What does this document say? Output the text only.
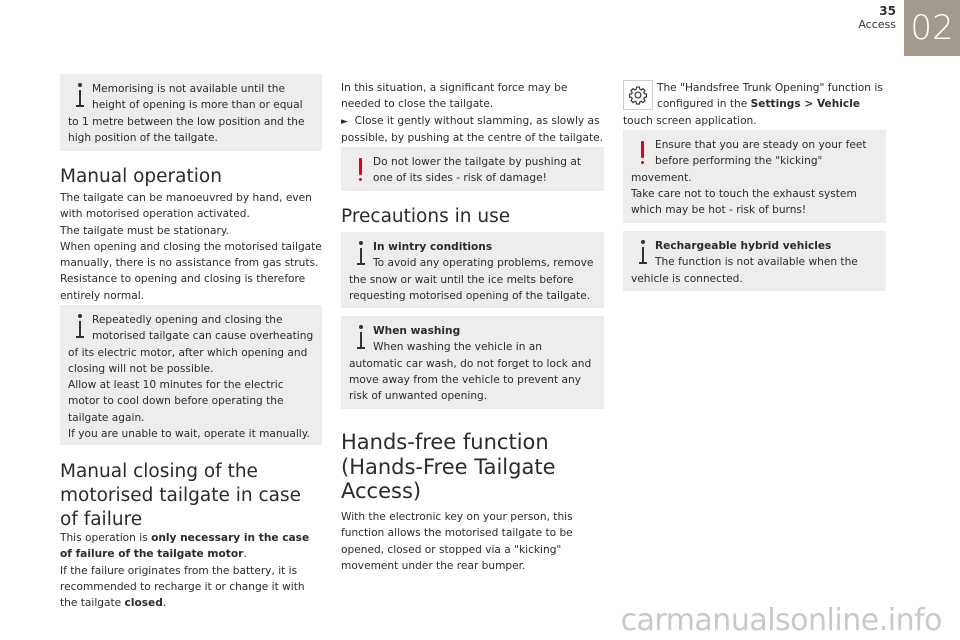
35
Access 02
Memorising is not available until the height of opening is more than or equal to 1 metre between the low position and the high position of the tailgate.
Manual operation
The tailgate can be manoeuvred by hand, even with motorised operation activated.
The tailgate must be stationary.
When opening and closing the motorised tailgate manually, there is no assistance from gas struts. Resistance to opening and closing is therefore entirely normal.
Repeatedly opening and closing the motorised tailgate can cause overheating of its electric motor, after which opening and closing will not be possible.
Allow at least 10 minutes for the electric motor to cool down before operating the tailgate again.
If you are unable to wait, operate it manually.
Manual closing of the motorised tailgate in case of failure
This operation is only necessary in the case of failure of the tailgate motor.
If the failure originates from the battery, it is recommended to recharge it or change it with the tailgate closed.
In this situation, a significant force may be needed to close the tailgate.
► Close it gently without slamming, as slowly as possible, by pushing at the centre of the tailgate.
Do not lower the tailgate by pushing at one of its sides - risk of damage!
Precautions in use
In wintry conditions
To avoid any operating problems, remove the snow or wait until the ice melts before requesting motorised opening of the tailgate.
When washing
When washing the vehicle in an automatic car wash, do not forget to lock and move away from the vehicle to prevent any risk of unwanted opening.
Hands-free function (Hands-Free Tailgate Access)
With the electronic key on your person, this function allows the motorised tailgate to be opened, closed or stopped via a "kicking" movement under the rear bumper.
The "Handsfree Trunk Opening" function is configured in the Settings > Vehicle touch screen application.
Ensure that you are steady on your feet before performing the "kicking" movement.
Take care not to touch the exhaust system which may be hot - risk of burns!
Rechargeable hybrid vehicles
The function is not available when the vehicle is connected.
carmanualsonline.info
